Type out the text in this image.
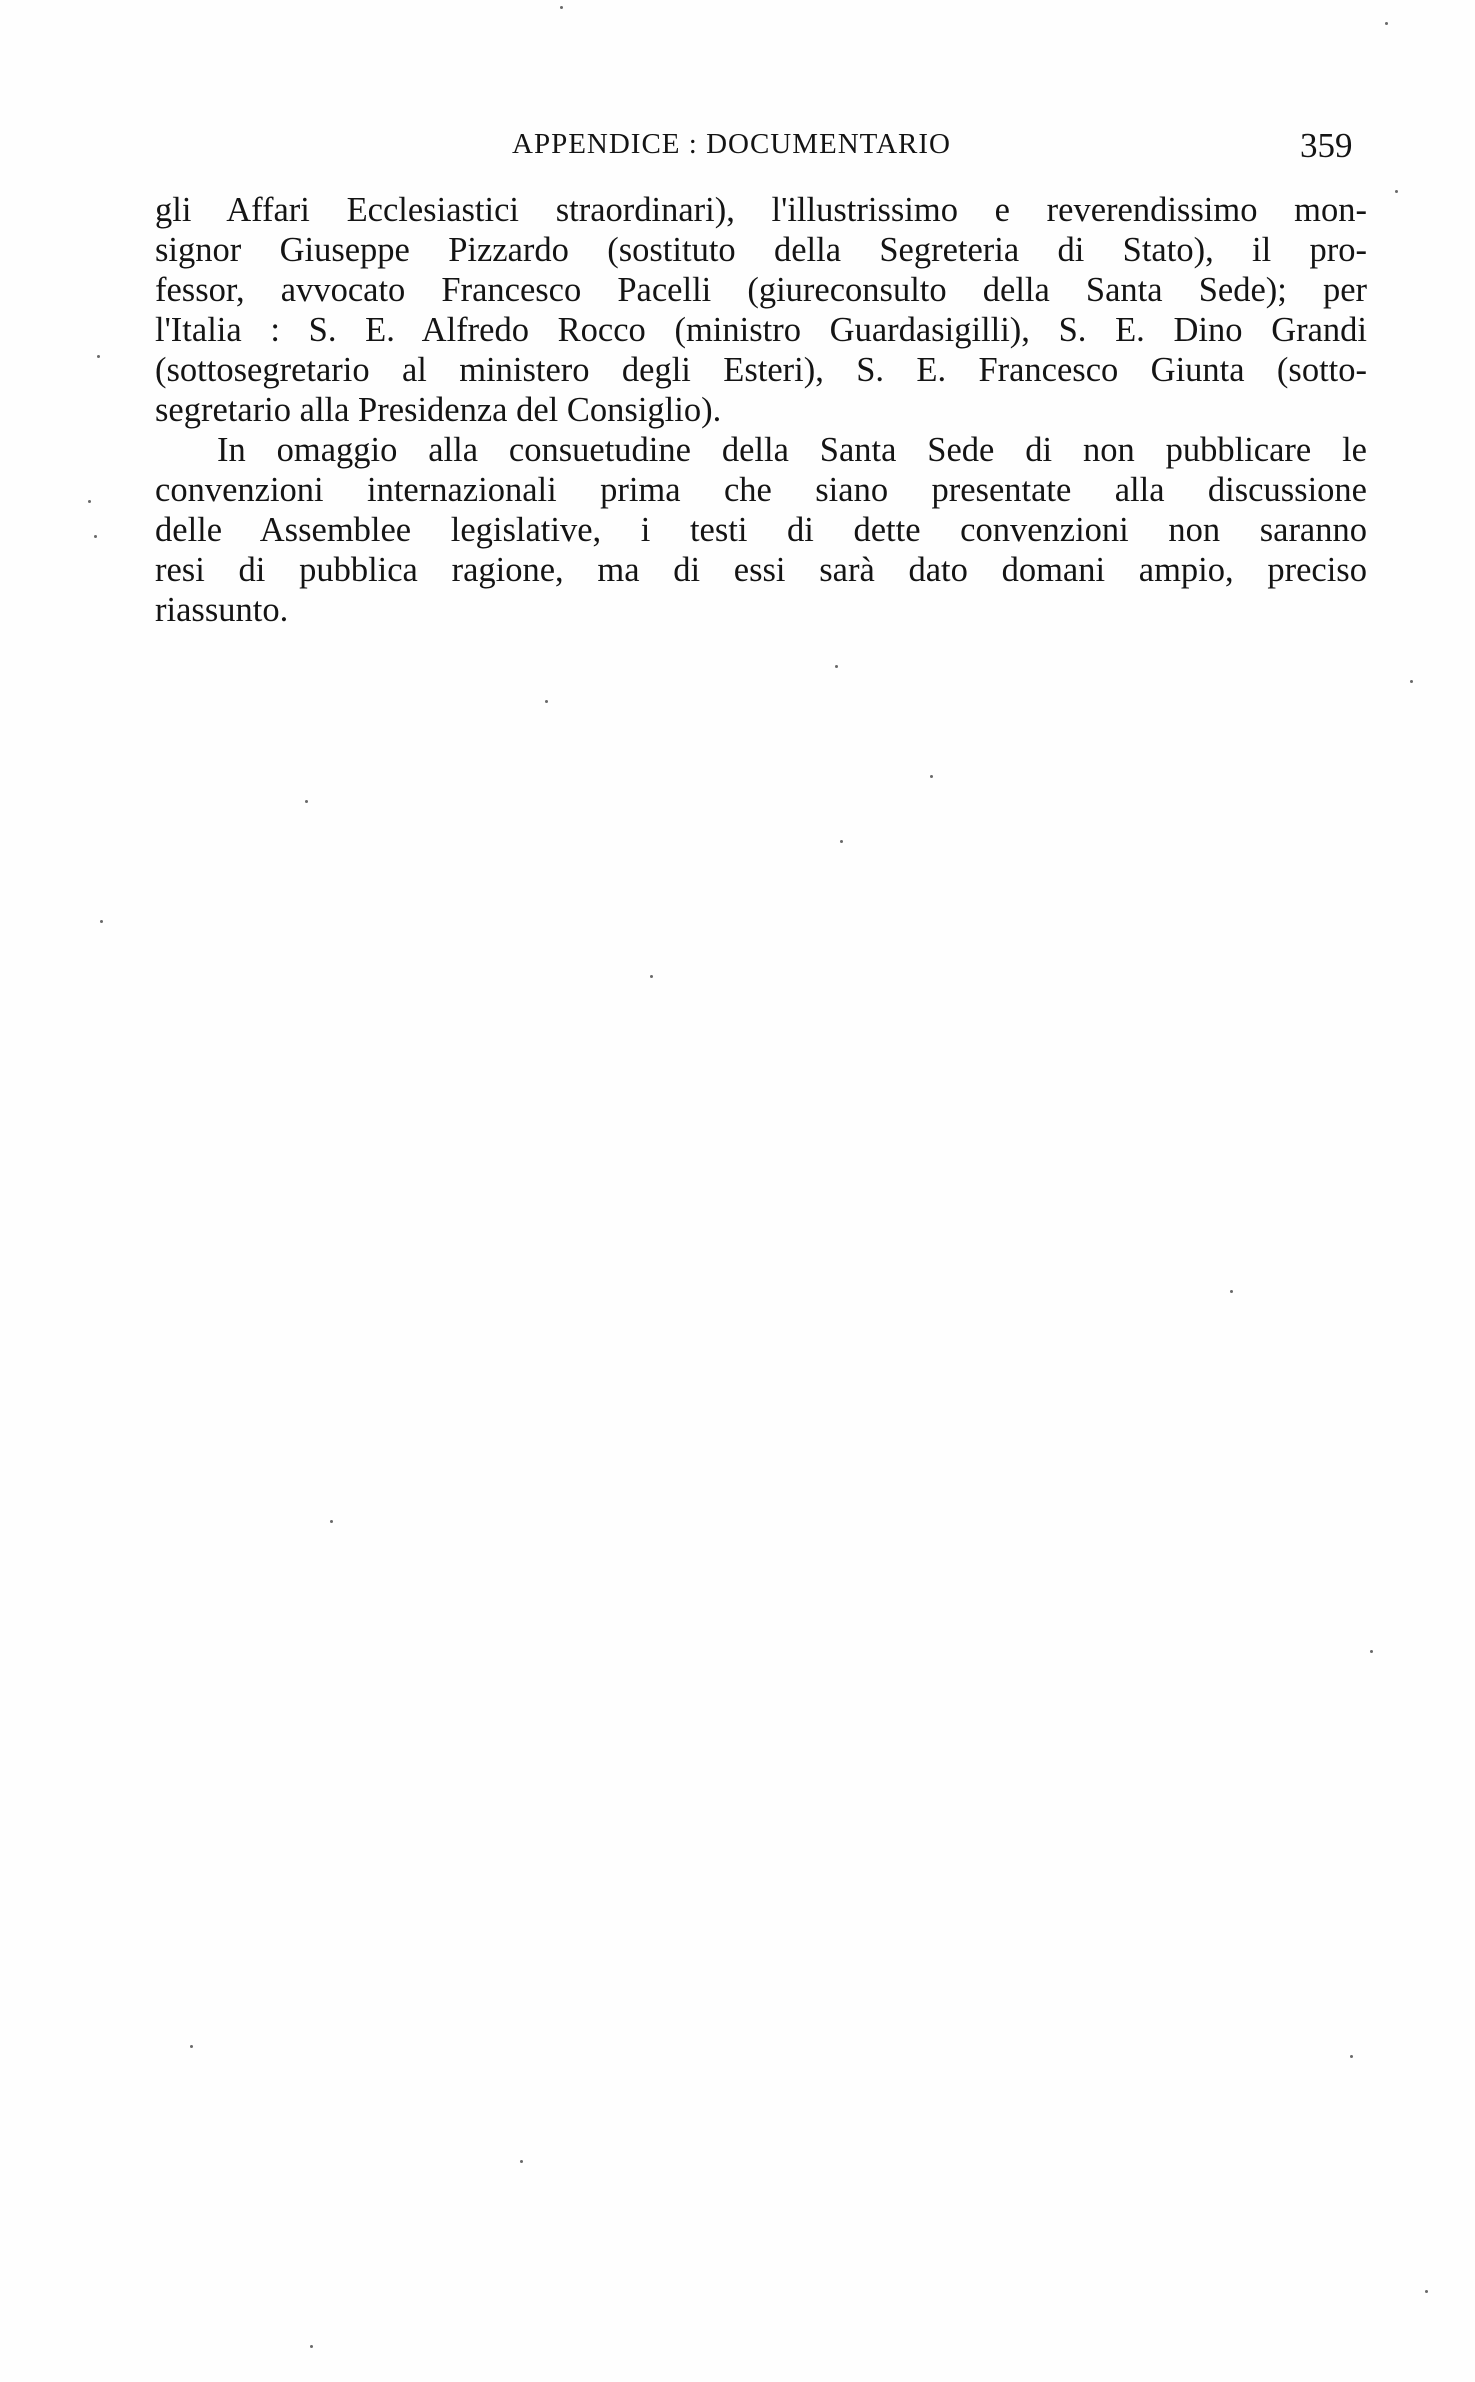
APPENDICE : DOCUMENTARIO	359
gli Affari Ecclesiastici straordinari), l'illustrissimo e reverendissimo mon-
signor Giuseppe Pizzardo (sostituto della Segreteria di Stato), il pro-
fessor, avvocato Francesco Pacelli (giureconsulto della Santa Sede); per
l'Italia : S. E. Alfredo Rocco (ministro Guardasigilli), S. E. Dino Grandi
(sottosegretario al ministero degli Esteri), S. E. Francesco Giunta (sotto-
segretario alla Presidenza del Consiglio).
In omaggio alla consuetudine della Santa Sede di non pubblicare le
convenzioni internazionali prima che siano presentate alla discussione
delle Assemblee legislative, i testi di dette convenzioni non saranno
resi di pubblica ragione, ma di essi sarà dato domani ampio, preciso
riassunto.
